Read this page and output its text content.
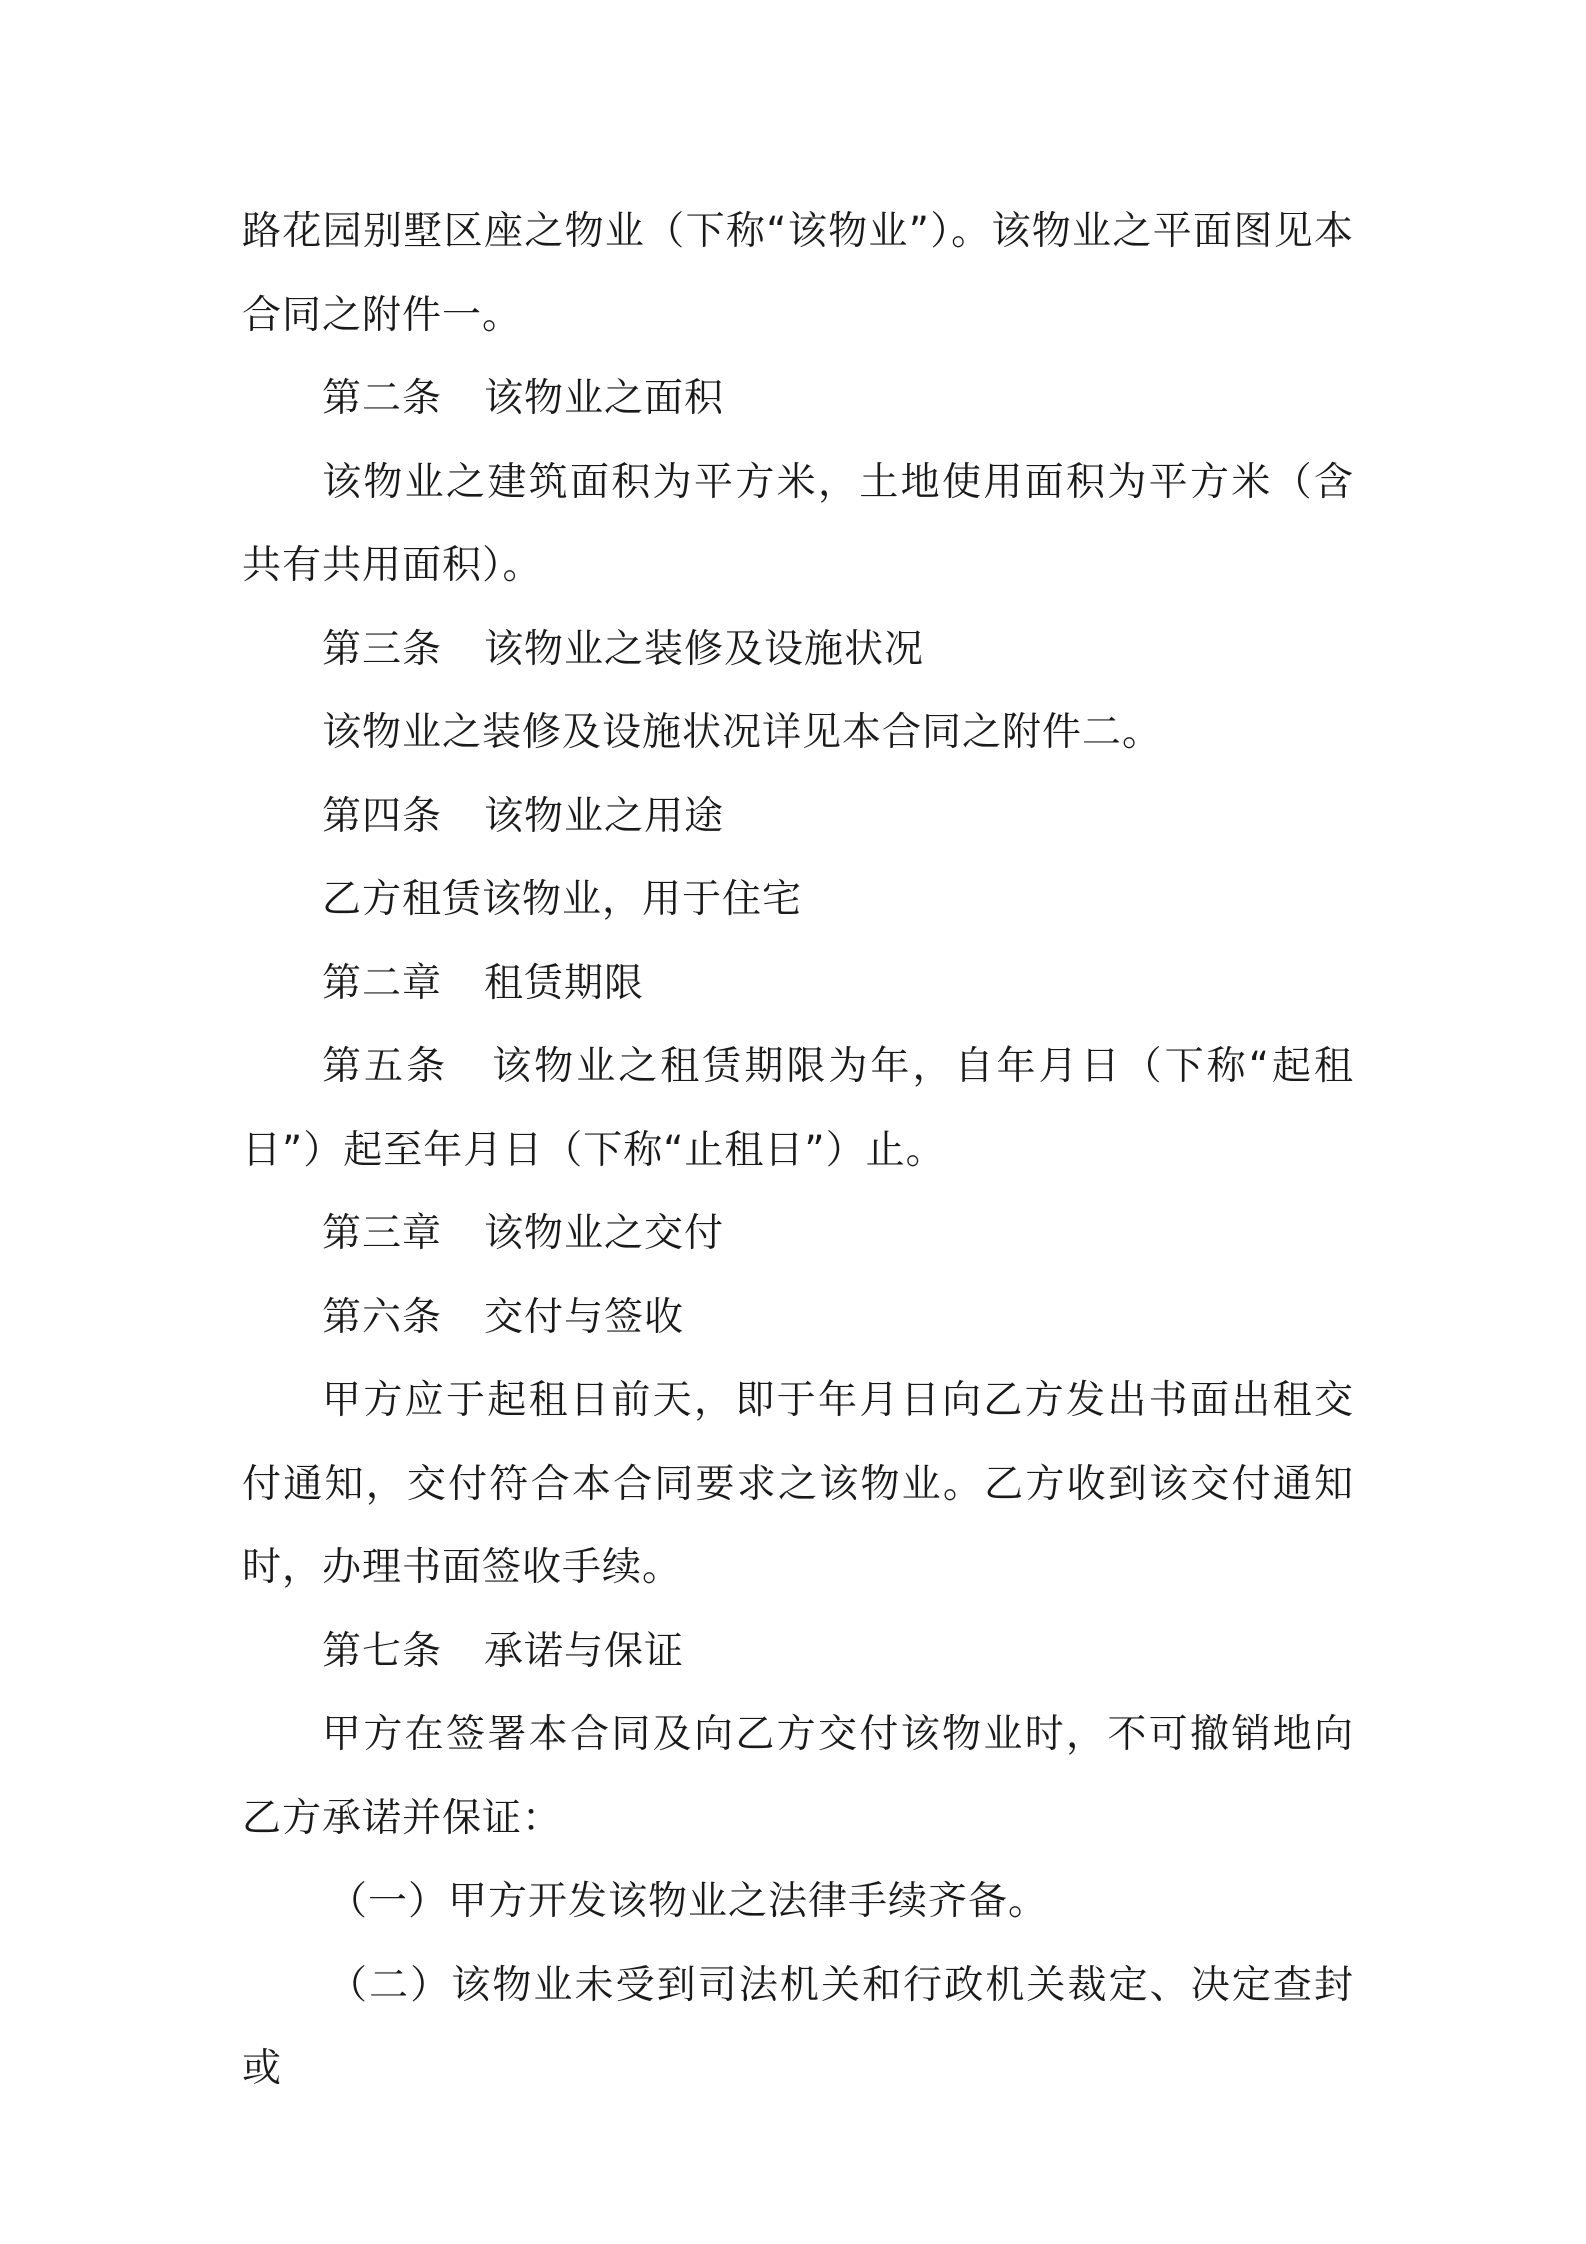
路花园别墅区座之物业（下称“该物业”）。该物业之平面图见本合同之附件一。

第二条 该物业之面积

该物业之建筑面积为平方米，土地使用面积为平方米（含共有共用面积）。

第三条 该物业之装修及设施状况

该物业之装修及设施状况详见本合同之附件二。

第四条 该物业之用途

乙方租赁该物业，用于住宅

第二章 租赁期限

第五条 该物业之租赁期限为年，自年月日（下称“起租日”）起至年月日（下称“止租日”）止。

第三章 该物业之交付

第六条 交付与签收

甲方应于起租日前天，即于年月日向乙方发出书面出租交付通知，交付符合本合同要求之该物业。乙方收到该交付通知时，办理书面签收手续。

第七条 承诺与保证

甲方在签署本合同及向乙方交付该物业时，不可撤销地向乙方承诺并保证：

（一）甲方开发该物业之法律手续齐备。

（二）该物业未受到司法机关和行政机关裁定、决定查封或
